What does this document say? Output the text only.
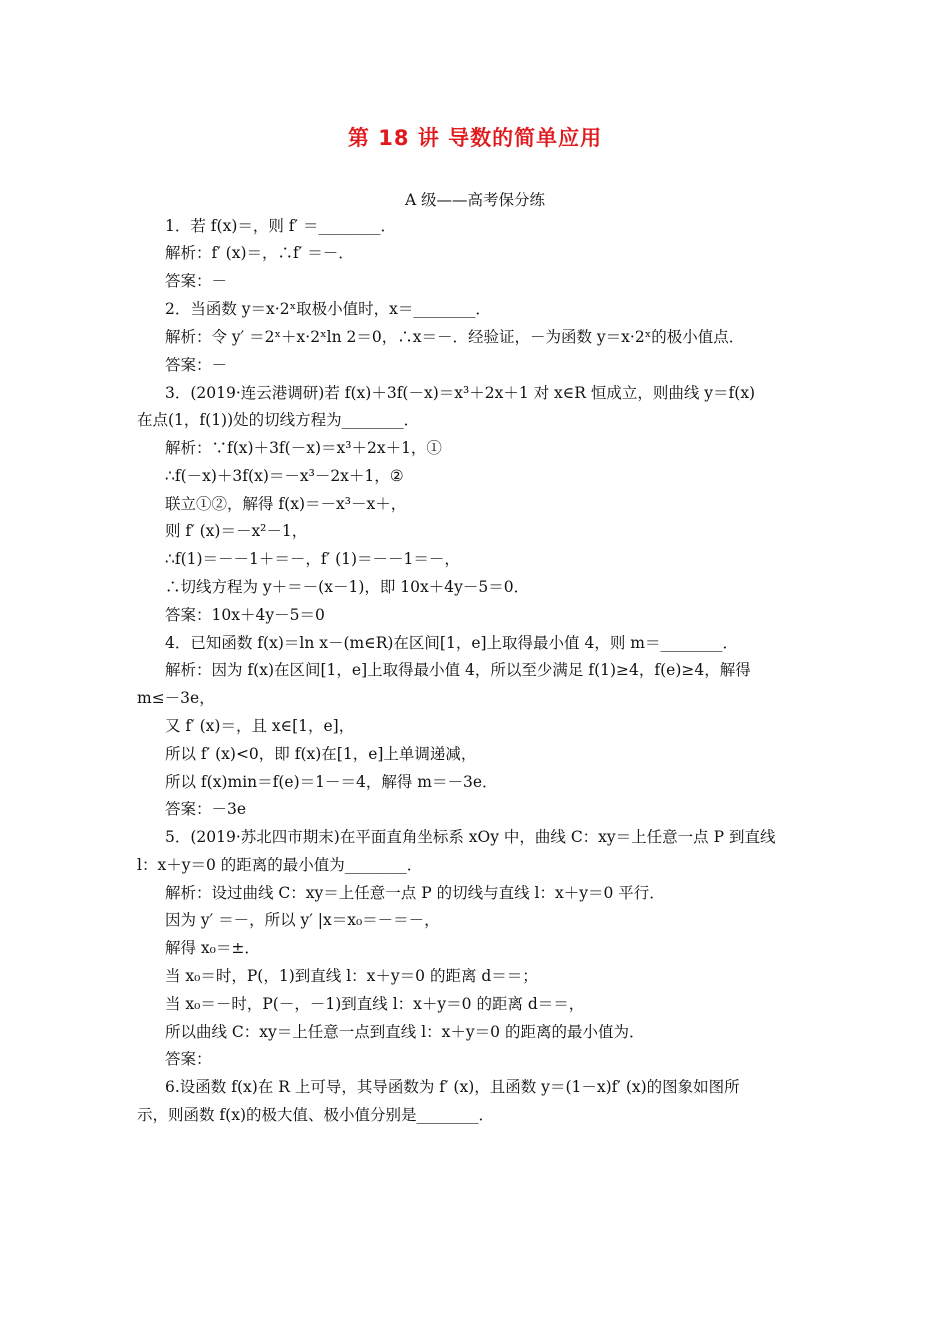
第 18 讲 导数的简单应用
A 级——高考保分练
1．若 f(x)＝，则 f′ ＝________．
解析：f′ (x)＝，∴f′ ＝－．
答案：－
2．当函数 y＝x·2ˣ取极小值时，x＝________．
解析：令 y′ ＝2ˣ＋x·2ˣln 2＝0，∴x＝－．经验证，－为函数 y＝x·2ˣ的极小值点．
答案：－
3．(2019·连云港调研)若 f(x)＋3f(－x)＝x³＋2x＋1 对 x∈R 恒成立，则曲线 y＝f(x)
在点(1，f(1))处的切线方程为________．
解析：∵f(x)＋3f(－x)＝x³＋2x＋1，①
∴f(－x)＋3f(x)＝－x³－2x＋1，②
联立①②，解得 f(x)＝－x³－x＋，
则 f′ (x)＝－x²－1，
∴f(1)＝－－1＋＝－，f′ (1)＝－－1＝－，
∴切线方程为 y＋＝－(x－1)，即 10x＋4y－5＝0．
答案：10x＋4y－5＝0
4．已知函数 f(x)＝ln x－(m∈R)在区间[1，e]上取得最小值 4，则 m＝________．
解析：因为 f(x)在区间[1，e]上取得最小值 4，所以至少满足 f(1)≥4，f(e)≥4，解得
m≤－3e，
又 f′ (x)＝，且 x∈[1，e]，
所以 f′ (x)<0，即 f(x)在[1，e]上单调递减，
所以 f(x)min＝f(e)＝1－＝4，解得 m＝－3e．
答案：－3e
5．(2019·苏北四市期末)在平面直角坐标系 xOy 中，曲线 C：xy＝上任意一点 P 到直线
l：x＋y＝0 的距离的最小值为________．
解析：设过曲线 C：xy＝上任意一点 P 的切线与直线 l：x＋y＝0 平行．
因为 y′ ＝－，所以 y′ |x＝x₀＝－＝－，
解得 x₀＝±．
当 x₀＝时，P(，1)到直线 l：x＋y＝0 的距离 d＝＝；
当 x₀＝－时，P(－，－1)到直线 l：x＋y＝0 的距离 d＝＝，
所以曲线 C：xy＝上任意一点到直线 l：x＋y＝0 的距离的最小值为．
答案：
6.设函数 f(x)在 R 上可导，其导函数为 f′ (x)，且函数 y＝(1－x)f′ (x)的图象如图所
示，则函数 f(x)的极大值、极小值分别是________．
